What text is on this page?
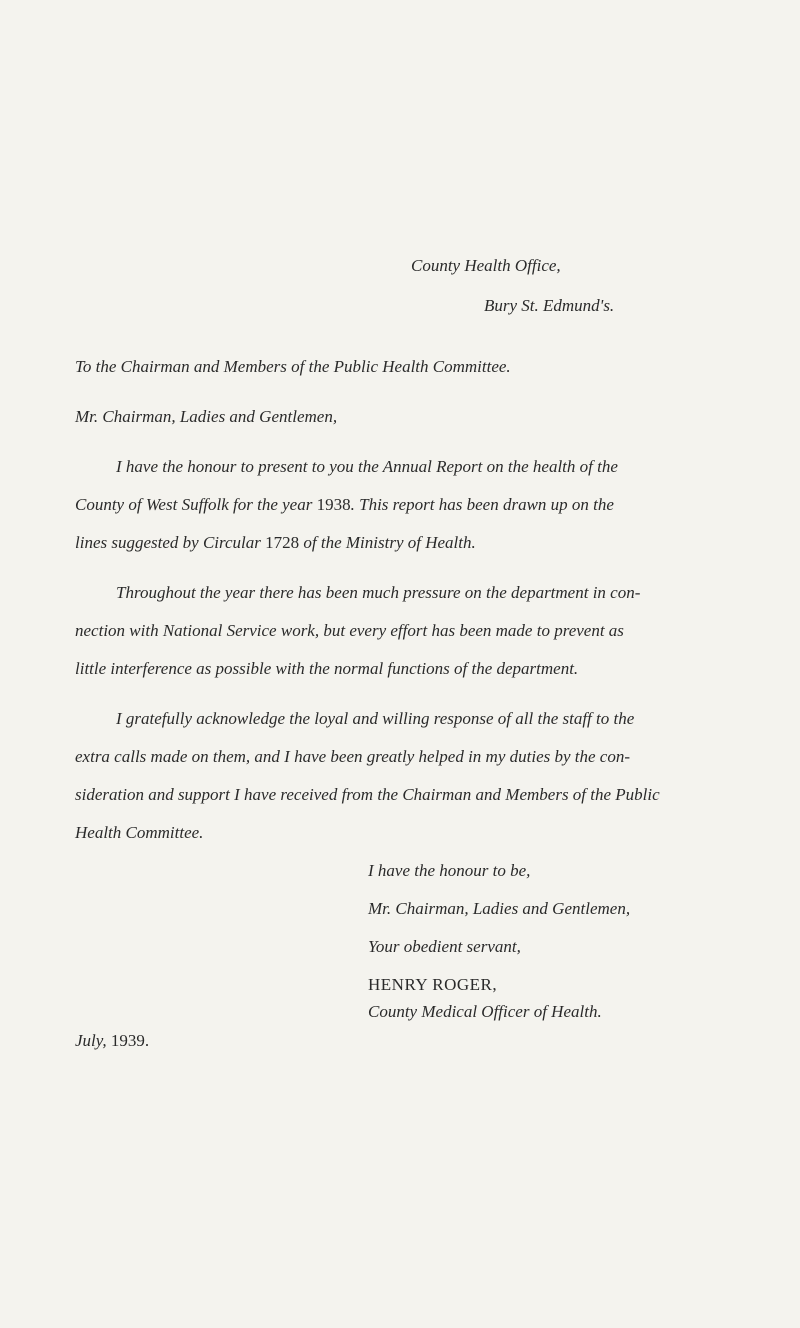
County Health Office,
Bury St. Edmund's.
To the Chairman and Members of the Public Health Committee.
Mr. Chairman, Ladies and Gentlemen,
I have the honour to present to you the Annual Report on the health of the
County of West Suffolk for the year 1938. This report has been drawn up on the
lines suggested by Circular 1728 of the Ministry of Health.
Throughout the year there has been much pressure on the department in con-
nection with National Service work, but every effort has been made to prevent as
little interference as possible with the normal functions of the department.
I gratefully acknowledge the loyal and willing response of all the staff to the
extra calls made on them, and I have been greatly helped in my duties by the con-
sideration and support I have received from the Chairman and Members of the Public
Health Committee.
I have the honour to be,
Mr. Chairman, Ladies and Gentlemen,
Your obedient servant,
HENRY ROGER,
County Medical Officer of Health.
July, 1939.
